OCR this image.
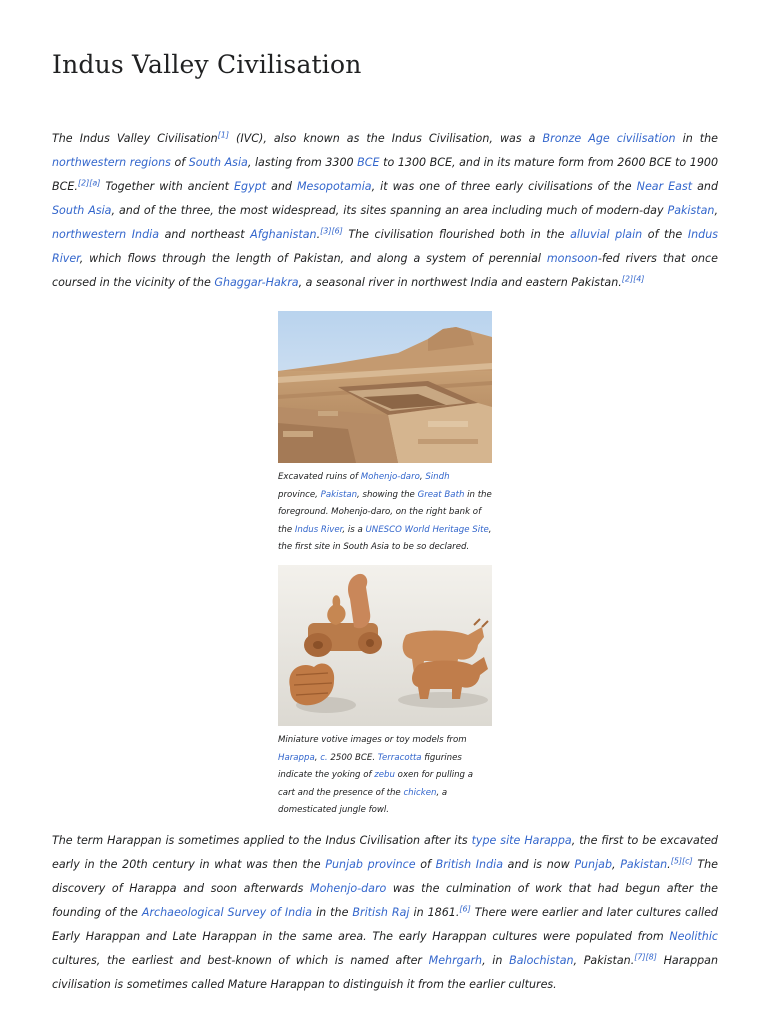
Indus Valley Civilisation

The Indus Valley Civilisation[1] (IVC), also known as the Indus Civilisation, was a Bronze Age civilisation in the northwestern regions of South Asia, lasting from 3300 BCE to 1300 BCE, and in its mature form from 2600 BCE to 1900 BCE.[2][a] Together with ancient Egypt and Mesopotamia, it was one of three early civilisations of the Near East and South Asia, and of the three, the most widespread, its sites spanning an area including much of modern-day Pakistan, northwestern India and northeast Afghanistan.[3][6] The civilisation flourished both in the alluvial plain of the Indus River, which flows through the length of Pakistan, and along a system of perennial monsoon-fed rivers that once coursed in the vicinity of the Ghaggar-Hakra, a seasonal river in northwest India and eastern Pakistan.[2][4]

Excavated ruins of Mohenjo-daro, Sindh province, Pakistan, showing the Great Bath in the foreground. Mohenjo-daro, on the right bank of the Indus River, is a UNESCO World Heritage Site, the first site in South Asia to be so declared.
Miniature votive images or toy models from Harappa, c. 2500 BCE. Terracotta figurines indicate the yoking of zebu oxen for pulling a cart and the presence of the chicken, a domesticated jungle fowl.

The term Harappan is sometimes applied to the Indus Civilisation after its type site Harappa, the first to be excavated early in the 20th century in what was then the Punjab province of British India and is now Punjab, Pakistan.[5][c] The discovery of Harappa and soon afterwards Mohenjo-daro was the culmination of work that had begun after the founding of the Archaeological Survey of India in the British Raj in 1861.[6] There were earlier and later cultures called Early Harappan and Late Harappan in the same area. The early Harappan cultures were populated from Neolithic cultures, the earliest and best-known of which is named after Mehrgarh, in Balochistan, Pakistan.[7][8] Harappan civilisation is sometimes called Mature Harappan to distinguish it from the earlier cultures.
